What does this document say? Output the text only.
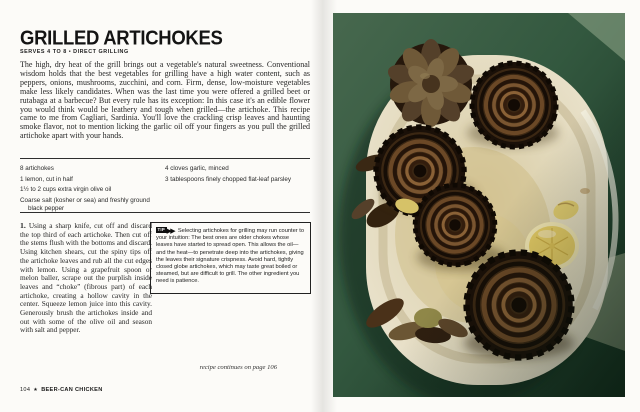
GRILLED ARTICHOKES
SERVES 4 TO 8 • DIRECT GRILLING

The high, dry heat of the grill brings out a vegetable's natural sweetness. Conventional wisdom holds that the best vegetables for grilling have a high water content, such as peppers, onions, mushrooms, zucchini, and corn. Firm, dense, low-moisture vegetables make less likely candidates. When was the last time you were offered a grilled beet or rutabaga at a barbecue? But every rule has its exception: In this case it's an edible flower you would think would be leathery and tough when grilled—the artichoke. This recipe came to me from Cagliari, Sardinia. You'll love the crackling crisp leaves and haunting smoke flavor, not to mention licking the garlic oil off your fingers as you pull the grilled artichoke apart with your hands.

8 artichokes
1 lemon, cut in half
1½ to 2 cups extra virgin olive oil
Coarse salt (kosher or sea) and freshly ground black pepper
4 cloves garlic, minced
3 tablespoons finely chopped flat-leaf parsley

1. Using a sharp knife, cut off and discard the top third of each artichoke. Then cut off the stems flush with the bottoms and discard. Using kitchen shears, cut the spiny tips off the artichoke leaves and rub all the cut edges with lemon. Using a grapefruit spoon or melon baller, scrape out the purplish inside leaves and “choke” (fibrous part) of each artichoke, creating a hollow cavity in the center. Squeeze lemon juice into this cavity. Generously brush the artichokes inside and out with some of the olive oil and season with salt and pepper.

TIP ▶▶ Selecting artichokes for grilling may run counter to your intuition: The best ones are older chokes whose leaves have started to spread open. This allows the oil—and the heat—to penetrate deep into the artichokes, giving the leaves their signature crispness. Avoid hard, tightly closed globe artichokes, which may taste great boiled or steamed, but are difficult to grill. The other ingredient you need is patience.
recipe continues on page 106
104 ★ BEER-CAN CHICKEN
